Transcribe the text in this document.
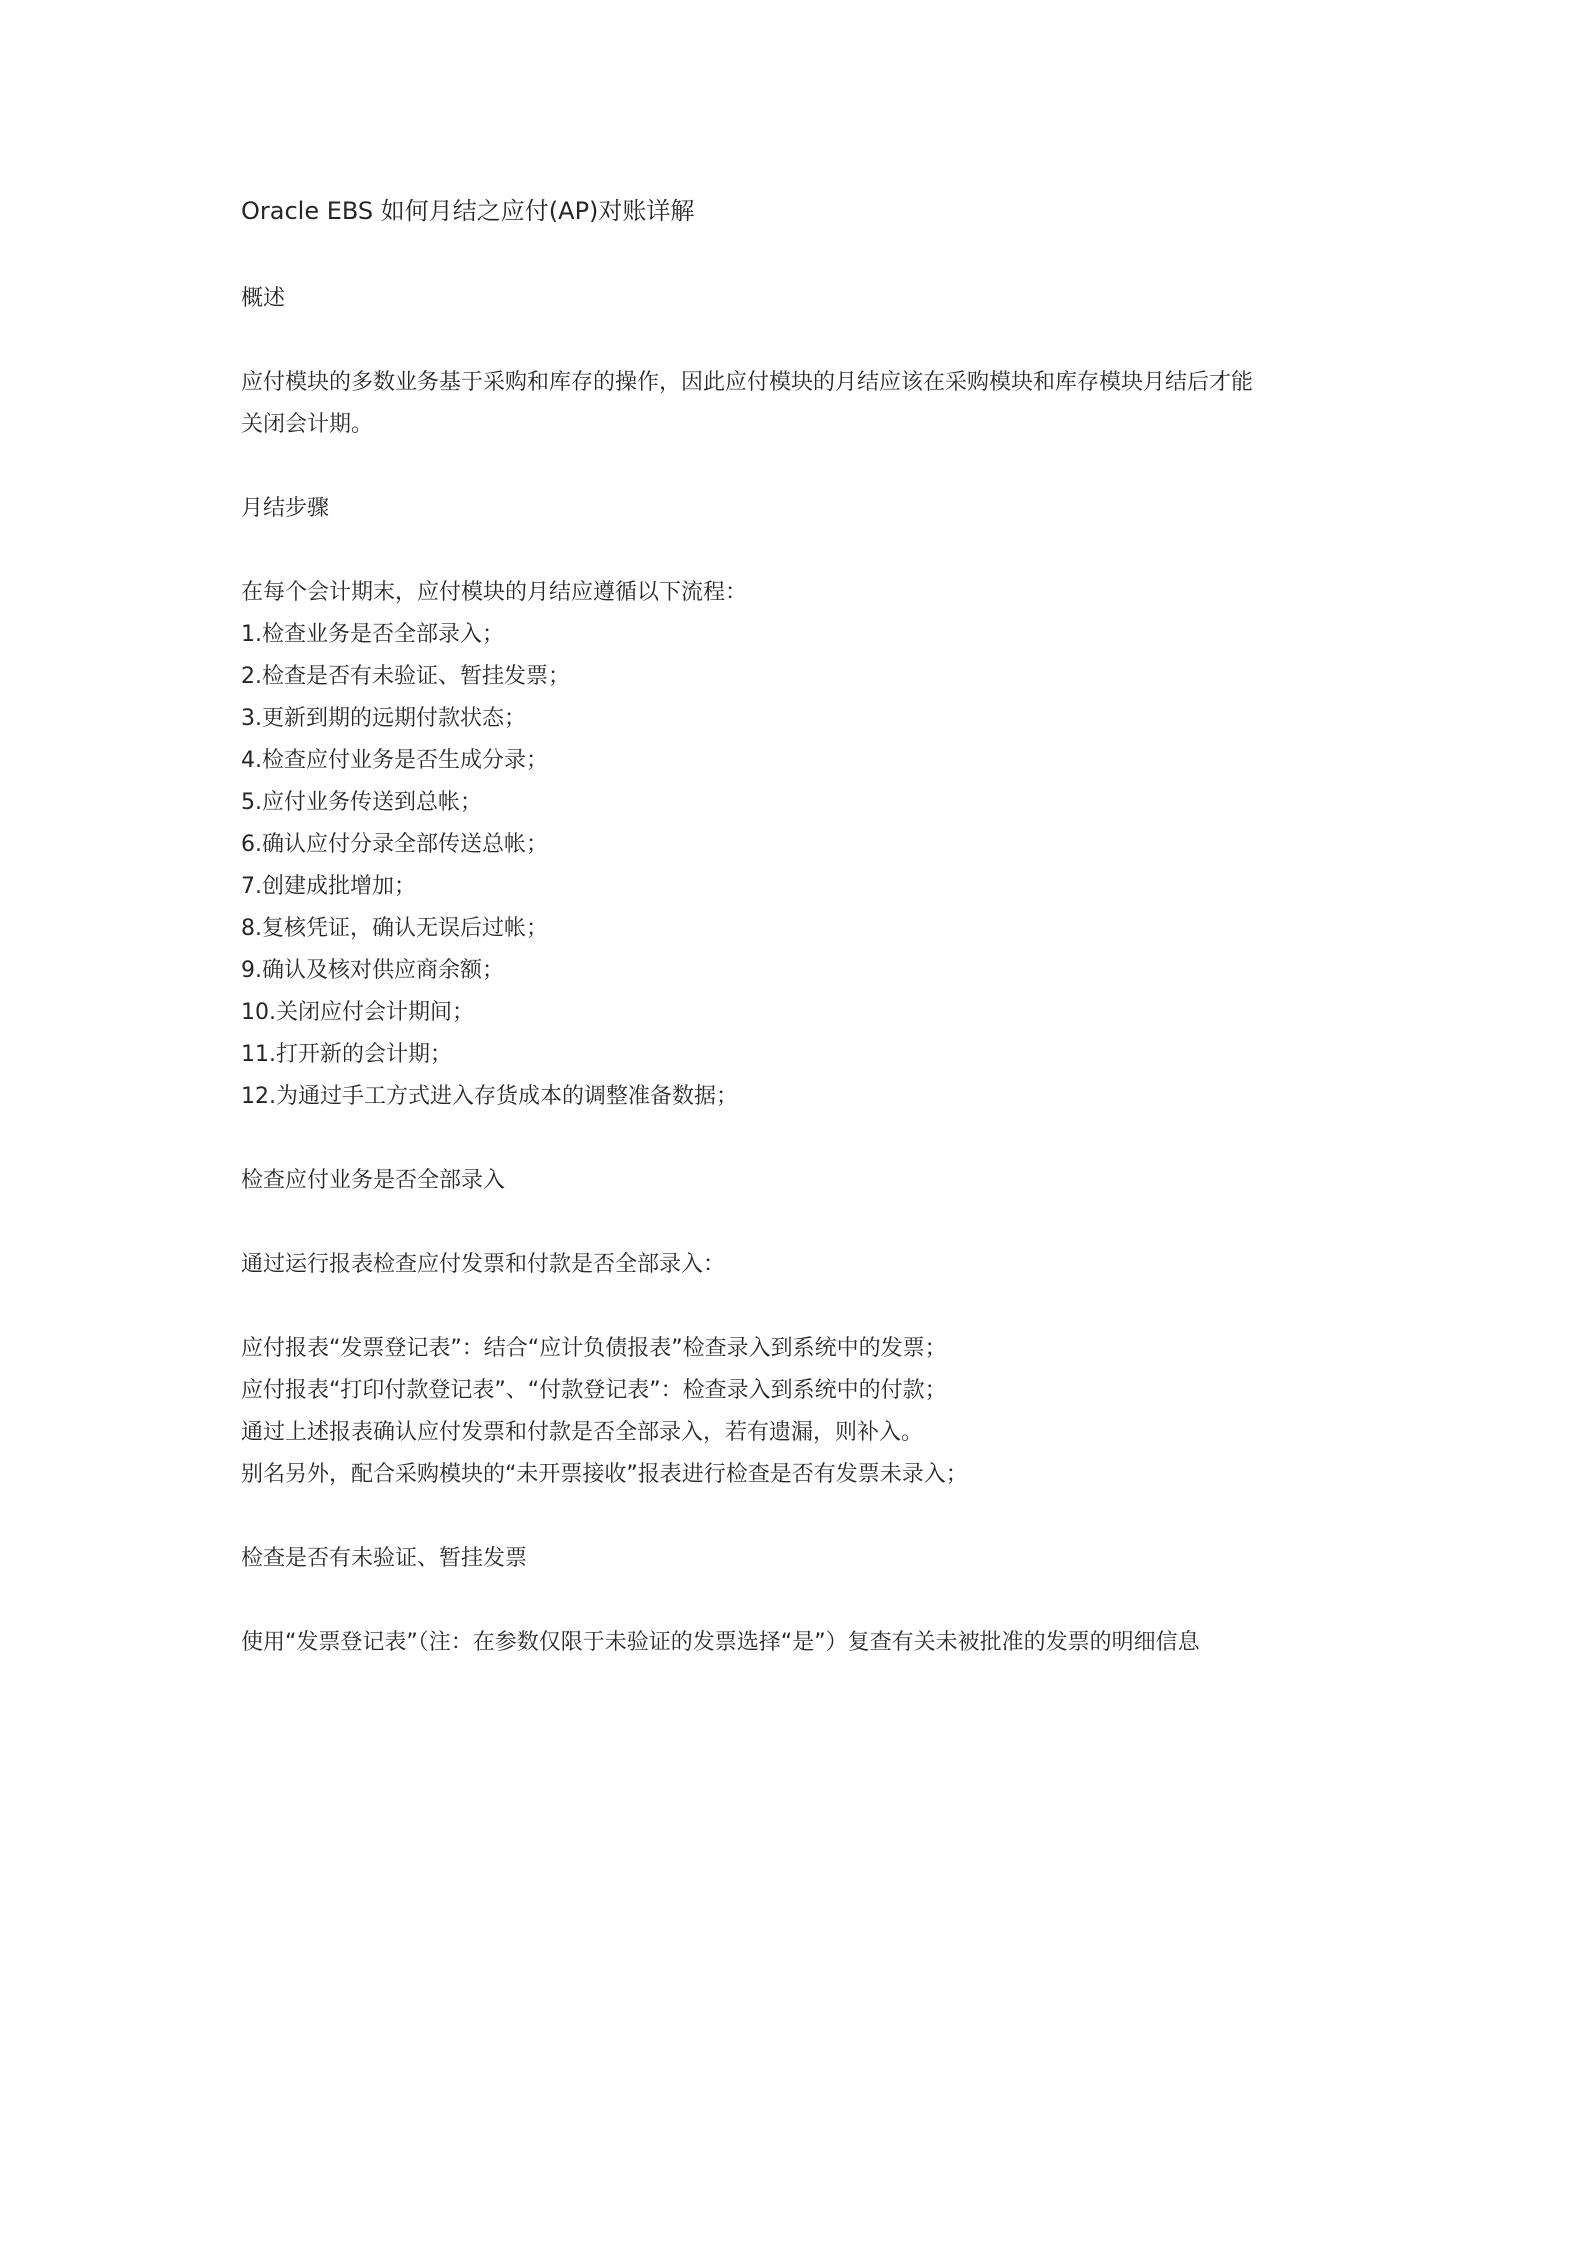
Oracle EBS 如何月结之应付(AP)对账详解
概述
应付模块的多数业务基于采购和库存的操作，因此应付模块的月结应该在采购模块和库存模块月结后才能
关闭会计期。
月结步骤
在每个会计期末，应付模块的月结应遵循以下流程：
1.检查业务是否全部录入；
2.检查是否有未验证、暂挂发票；
3.更新到期的远期付款状态；
4.检查应付业务是否生成分录；
5.应付业务传送到总帐；
6.确认应付分录全部传送总帐；
7.创建成批增加；
8.复核凭证，确认无误后过帐；
9.确认及核对供应商余额；
10.关闭应付会计期间；
11.打开新的会计期；
12.为通过手工方式进入存货成本的调整准备数据；
检查应付业务是否全部录入
通过运行报表检查应付发票和付款是否全部录入：
应付报表“发票登记表”：结合“应计负债报表”检查录入到系统中的发票；
应付报表“打印付款登记表”、“付款登记表”：检查录入到系统中的付款；
通过上述报表确认应付发票和付款是否全部录入，若有遗漏，则补入。
别名另外，配合采购模块的“未开票接收”报表进行检查是否有发票未录入；
检查是否有未验证、暂挂发票
使用“发票登记表”（注：在参数仅限于未验证的发票选择“是”）复查有关未被批准的发票的明细信息
